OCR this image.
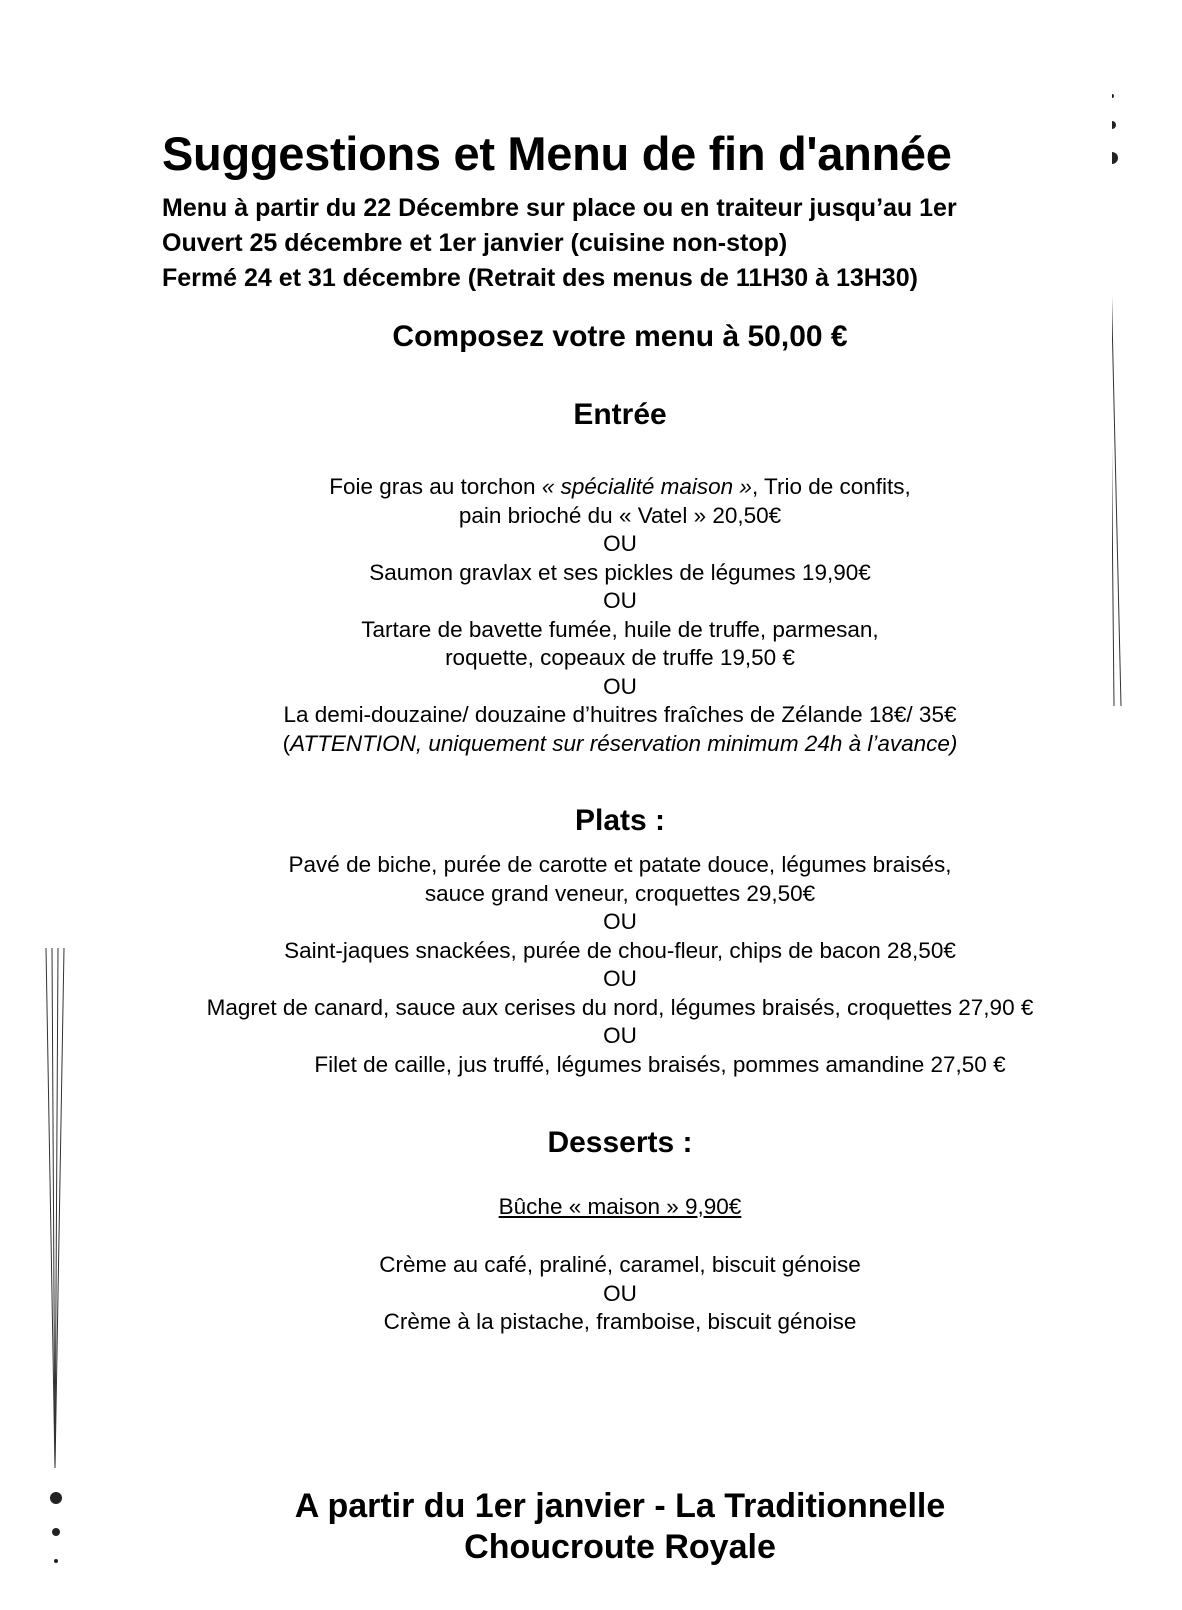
Suggestions et Menu de fin d'année
Menu à partir du 22 Décembre sur place ou en traiteur jusqu’au 1er
Ouvert 25 décembre et 1er janvier (cuisine non-stop)
Fermé 24 et 31 décembre (Retrait des menus de 11H30 à 13H30)
Composez votre menu à 50,00 €
Entrée
Foie gras au torchon « spécialité maison », Trio de confits,
pain brioché du « Vatel » 20,50€
OU
Saumon gravlax et ses pickles de légumes 19,90€
OU
Tartare de bavette fumée, huile de truffe, parmesan,
roquette, copeaux de truffe 19,50 €
OU
La demi-douzaine/ douzaine d’huitres fraîches de Zélande 18€/ 35€
(ATTENTION, uniquement sur réservation minimum 24h à l’avance)
Plats :
Pavé de biche, purée de carotte et patate douce, légumes braisés,
sauce grand veneur, croquettes 29,50€
OU
Saint-jaques snackées, purée de chou-fleur, chips de bacon 28,50€
OU
Magret de canard, sauce aux cerises du nord, légumes braisés, croquettes 27,90 €
OU
Filet de caille, jus truffé, légumes braisés, pommes amandine 27,50 €
Desserts :
Bûche « maison » 9,90€
Crème au café, praliné, caramel, biscuit génoise
OU
Crème à la pistache, framboise, biscuit génoise
A partir du 1er janvier - La Traditionnelle
Choucroute Royale
